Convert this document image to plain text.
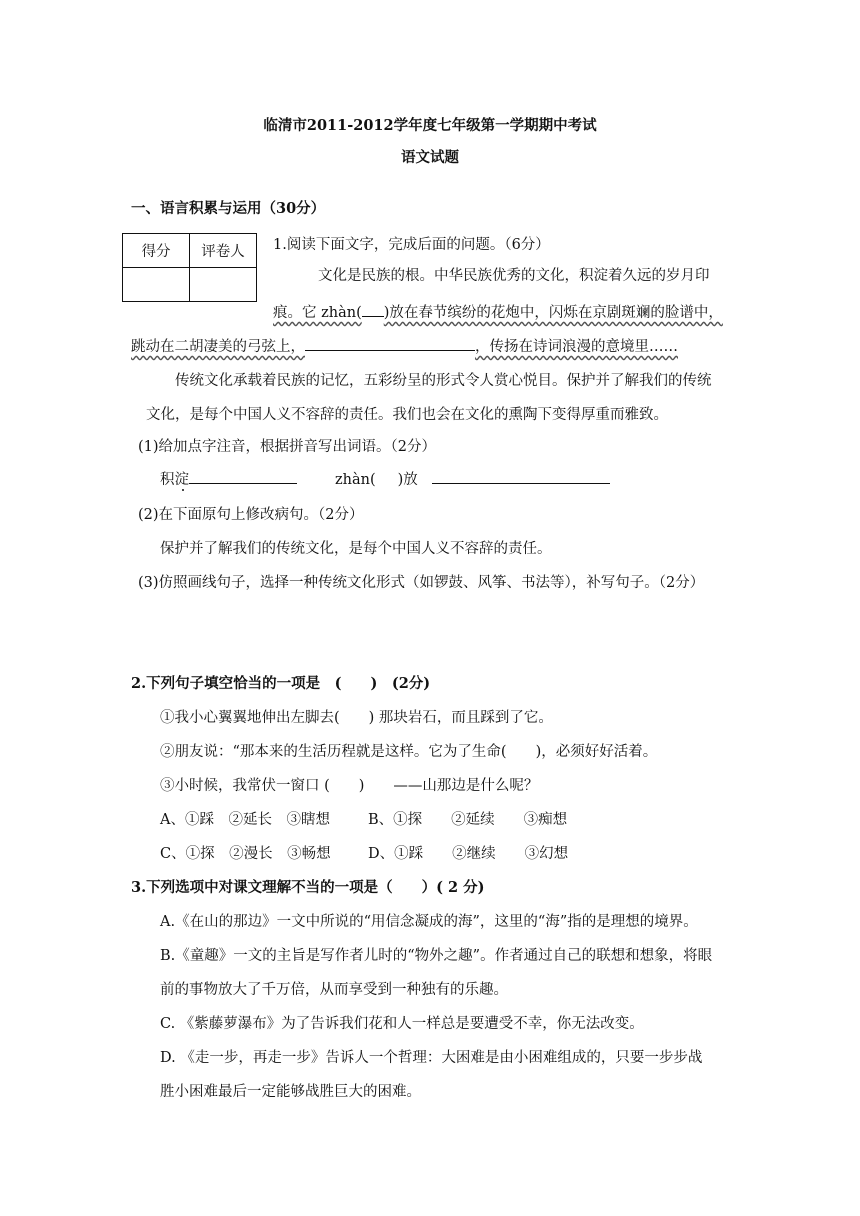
临清市2011-2012学年度七年级第一学期期中考试
语文试题
一、语言积累与运用（30分）
得分	评卷人
	1.阅读下面文字，完成后面的问题。（6分）
文化是民族的根。中华民族优秀的文化，积淀着久远的岁月印
痕。它 zhàn( )放在春节缤纷的花炮中，闪烁在京剧斑斓的脸谱中，
跳动在二胡凄美的弓弦上，	，传扬在诗词浪漫的意境里……
传统文化承载着民族的记忆，五彩纷呈的形式令人赏心悦目。保护并了解我们的传统
文化，是每个中国人义不容辞的责任。我们也会在文化的熏陶下变得厚重而雅致。
(1)给加点字注音，根据拼音写出词语。（2分）
积淀	zhàn( )放
(2)在下面原句上修改病句。（2分）
保护并了解我们的传统文化，是每个中国人义不容辞的责任。
(3)仿照画线句子，选择一种传统文化形式（如锣鼓、风筝、书法等），补写句子。（2分）
2.下列句子填空恰当的一项是　(　　)　(2分)
①我小心翼翼地伸出左脚去(　　) 那块岩石，而且踩到了它。
②朋友说：“那本来的生活历程就是这样。它为了生命(　　)，必须好好活着。
③小时候，我常伏一窗口 (　　)　　——山那边是什么呢？
A、①踩　②延长　③瞎想	B、①探　　②延续　　③痴想
C、①探　②漫长　③畅想	D、①踩　　②继续　　③幻想
3.下列选项中对课文理解不当的一项是（　　）( 2 分)
A.《在山的那边》一文中所说的“用信念凝成的海”，这里的“海”指的是理想的境界。
B.《童趣》一文的主旨是写作者儿时的“物外之趣”。作者通过自己的联想和想象，将眼
前的事物放大了千万倍，从而享受到一种独有的乐趣。
C. 《紫藤萝瀑布》为了告诉我们花和人一样总是要遭受不幸，你无法改变。
D. 《走一步，再走一步》告诉人一个哲理：大困难是由小困难组成的，只要一步步战
胜小困难最后一定能够战胜巨大的困难。
